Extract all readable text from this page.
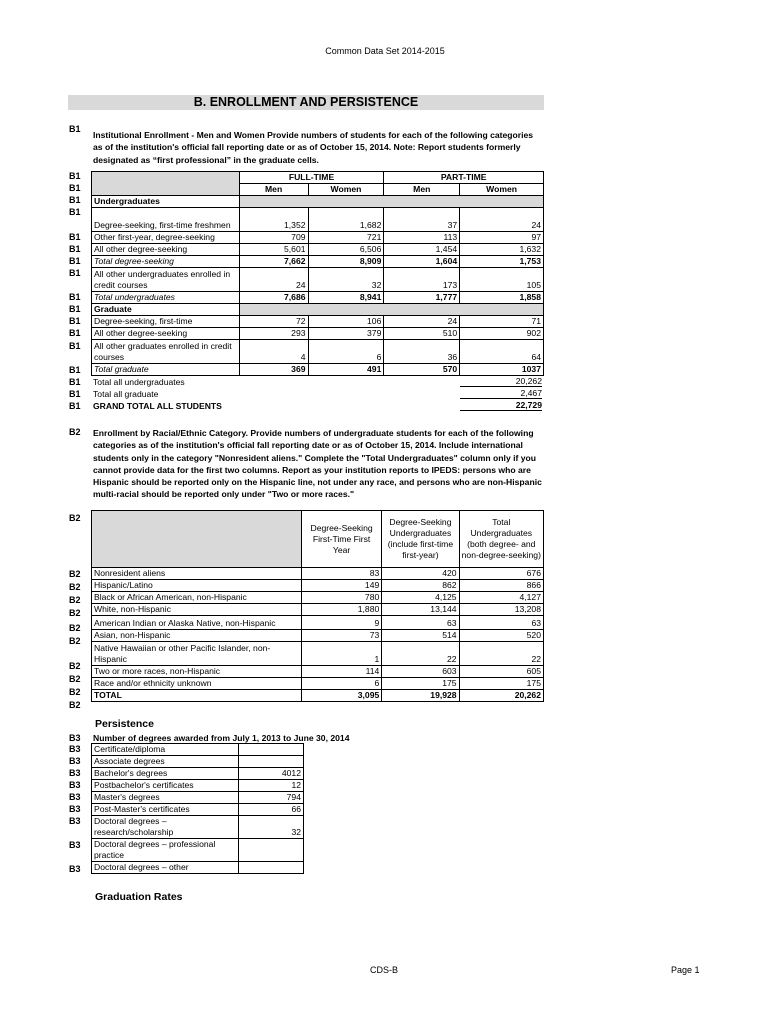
Common Data Set 2014-2015
B. ENROLLMENT AND PERSISTENCE
B1
Institutional Enrollment - Men and Women Provide numbers of students for each of the following categories as of the institution's official fall reporting date or as of October 15, 2014. Note: Report students formerly designated as “first professional” in the graduate cells.
B1
B1
B1
B1
B1
B1
B1
B1
B1
B1
B1
B1
B1
B1
B1
B1
B1
	FULL-TIME		PART-TIME	
	Men	Women	Men	Women
Undergraduates				
Degree-seeking, first-time freshmen	1,352	1,682	37	24
Other first-year, degree-seeking	709	721	113	97
All other degree-seeking	5,601	6,506	1,454	1,632
Total degree-seeking	7,662	8,909	1,604	1,753
All other undergraduates enrolled in credit courses	24	32	173	105
Total undergraduates	7,686	8,941	1,777	1,858
Graduate				
Degree-seeking, first-time	72	106	24	71
All other degree-seeking	293	379	510	902
All other graduates enrolled in credit courses	4	6	36	64
Total graduate	369	491	570	1037
Total all undergraduates	20,262
Total all graduate	2,467
GRAND TOTAL ALL STUDENTS	22,729
B2 Enrollment by Racial/Ethnic Category. Provide numbers of undergraduate students for each of the following categories as of the institution's official fall reporting date or as of October 15, 2014. Include international students only in the category "Nonresident aliens." Complete the "Total Undergraduates" column only if you cannot provide data for the first two columns. Report as your institution reports to IPEDS: persons who are Hispanic should be reported only on the Hispanic line, not under any race, and persons who are non-Hispanic multi-racial should be reported only under "Two or more races."
B2
B2
B2
B2
B2
B2
B2
B2
B2
B2
B2
	Degree-Seeking First-Time First Year	Degree-Seeking Undergraduates (include first-time first-year)	Total Undergraduates (both degree- and non-degree-seeking)
Nonresident aliens	83	420	676
Hispanic/Latino	149	862	866
Black or African American, non-Hispanic	780	4,125	4,127
White, non-Hispanic	1,880	13,144	13,208
American Indian or Alaska Native, non-Hispanic	9	63	63
Asian, non-Hispanic	73	514	520
Native Hawaiian or other Pacific Islander, non-Hispanic	1	22	22
Two or more races, non-Hispanic	114	603	605
Race and/or ethnicity unknown	6	175	175
TOTAL	3,095	19,928	20,262
Persistence
B3 Number of degrees awarded from July 1, 2013 to June 30, 2014
B3
B3
B3
B3
B3
B3
B3
B3
B3
Certificate/diploma	
Associate degrees	
Bachelor's degrees	4012
Postbachelor's certificates	12
Master's degrees	794
Post-Master's certificates	66
Doctoral degrees – research/scholarship	32
Doctoral degrees – professional practice	
Doctoral degrees – other	
Graduation Rates
CDS-B	Page 1
